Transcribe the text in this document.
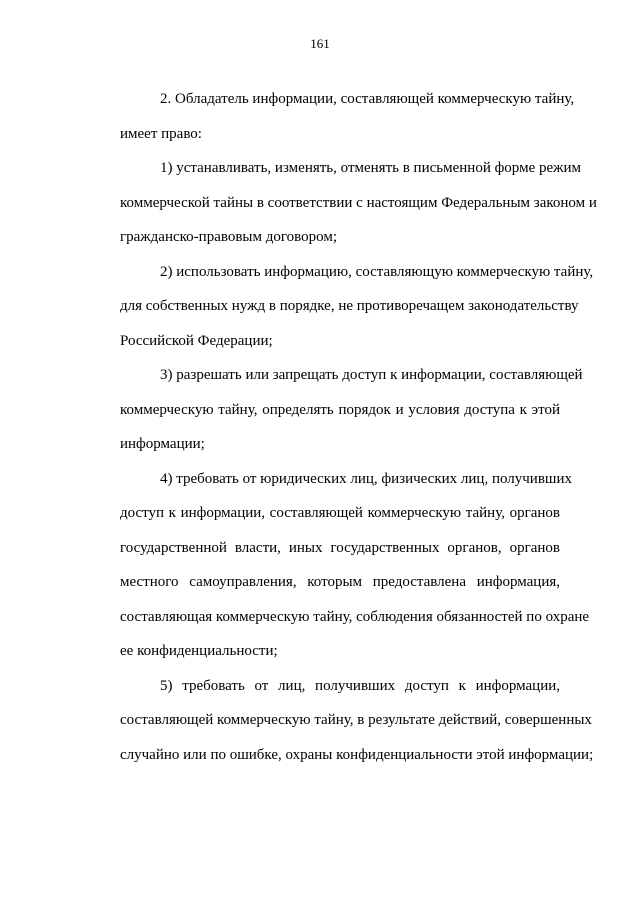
161
2. Обладатель информации, составляющей коммерческую тайну,
имеет право:
1) устанавливать, изменять, отменять в письменной форме режим
коммерческой тайны в соответствии с настоящим Федеральным законом и
гражданско-правовым договором;
2) использовать информацию, составляющую коммерческую тайну,
для собственных нужд в порядке, не противоречащем законодательству
Российской Федерации;
3) разрешать или запрещать доступ к информации, составляющей
коммерческую тайну, определять порядок и условия доступа к этой
информации;
4) требовать от юридических лиц, физических лиц, получивших
доступ к информации, составляющей коммерческую тайну, органов
государственной власти, иных государственных органов, органов
местного самоуправления, которым предоставлена информация,
составляющая коммерческую тайну, соблюдения обязанностей по охране
ее конфиденциальности;
5) требовать от лиц, получивших доступ к информации,
составляющей коммерческую тайну, в результате действий, совершенных
случайно или по ошибке, охраны конфиденциальности этой информации;
